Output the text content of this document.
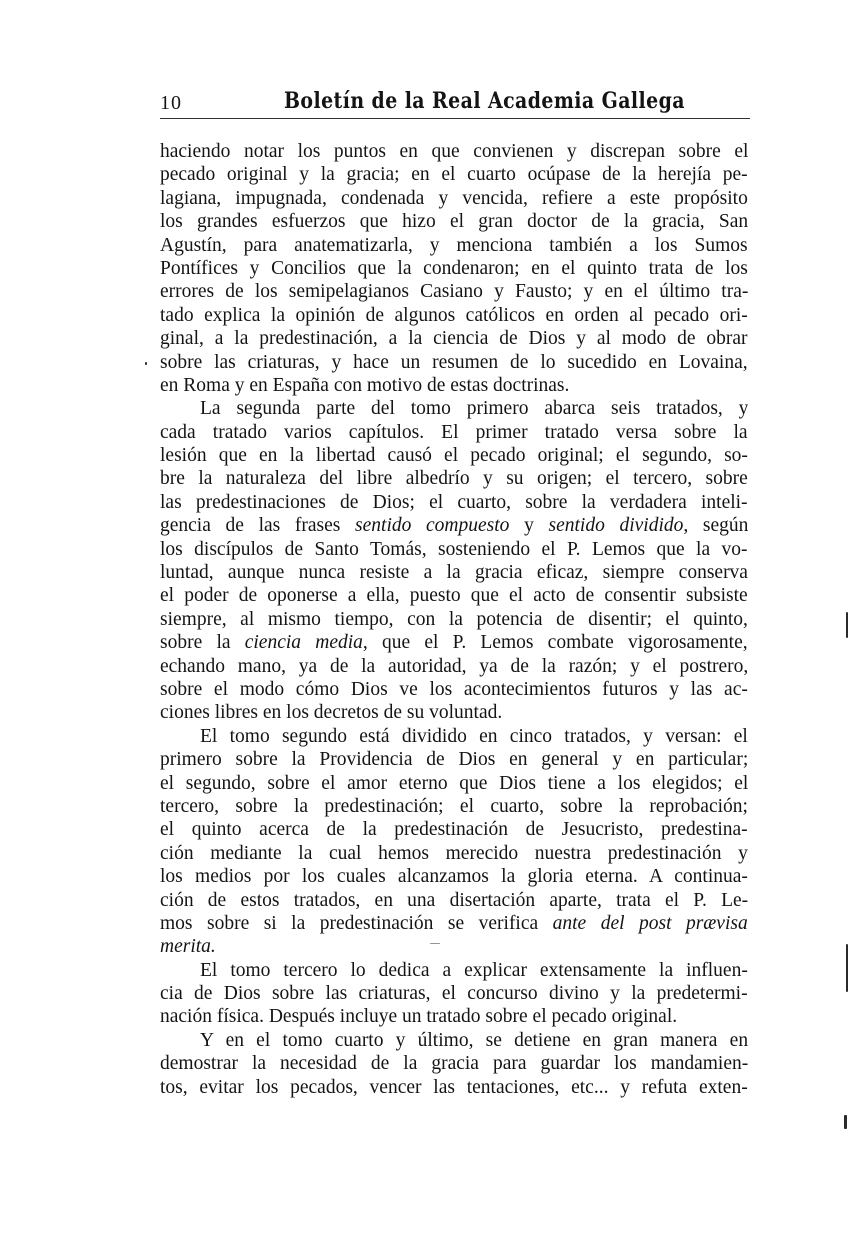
10	Boletín de la Real Academia Gallega
haciendo notar los puntos en que convienen y discrepan sobre el
pecado original y la gracia; en el cuarto ocúpase de la herejía pe-
lagiana, impugnada, condenada y vencida, refiere a este propósito
los grandes esfuerzos que hizo el gran doctor de la gracia, San
Agustín, para anatematizarla, y menciona también a los Sumos
Pontífices y Concilios que la condenaron; en el quinto trata de los
errores de los semipelagianos Casiano y Fausto; y en el último tra-
tado explica la opinión de algunos católicos en orden al pecado ori-
ginal, a la predestinación, a la ciencia de Dios y al modo de obrar
sobre las criaturas, y hace un resumen de lo sucedido en Lovaina,
en Roma y en España con motivo de estas doctrinas.
La segunda parte del tomo primero abarca seis tratados, y
cada tratado varios capítulos. El primer tratado versa sobre la
lesión que en la libertad causó el pecado original; el segundo, so-
bre la naturaleza del libre albedrío y su origen; el tercero, sobre
las predestinaciones de Dios; el cuarto, sobre la verdadera inteli-
gencia de las frases sentido compuesto y sentido dividido, según
los discípulos de Santo Tomás, sosteniendo el P. Lemos que la vo-
luntad, aunque nunca resiste a la gracia eficaz, siempre conserva
el poder de oponerse a ella, puesto que el acto de consentir subsiste
siempre, al mismo tiempo, con la potencia de disentir; el quinto,
sobre la ciencia media, que el P. Lemos combate vigorosamente,
echando mano, ya de la autoridad, ya de la razón; y el postrero,
sobre el modo cómo Dios ve los acontecimientos futuros y las ac-
ciones libres en los decretos de su voluntad.
El tomo segundo está dividido en cinco tratados, y versan: el
primero sobre la Providencia de Dios en general y en particular;
el segundo, sobre el amor eterno que Dios tiene a los elegidos; el
tercero, sobre la predestinación; el cuarto, sobre la reprobación;
el quinto acerca de la predestinación de Jesucristo, predestina-
ción mediante la cual hemos merecido nuestra predestinación y
los medios por los cuales alcanzamos la gloria eterna. A continua-
ción de estos tratados, en una disertación aparte, trata el P. Le-
mos sobre si la predestinación se verifica ante del post prævisa
merita.
El tomo tercero lo dedica a explicar extensamente la influen-
cia de Dios sobre las criaturas, el concurso divino y la predetermi-
nación física. Después incluye un tratado sobre el pecado original.
Y en el tomo cuarto y último, se detiene en gran manera en
demostrar la necesidad de la gracia para guardar los mandamien-
tos, evitar los pecados, vencer las tentaciones, etc... y refuta exten-
